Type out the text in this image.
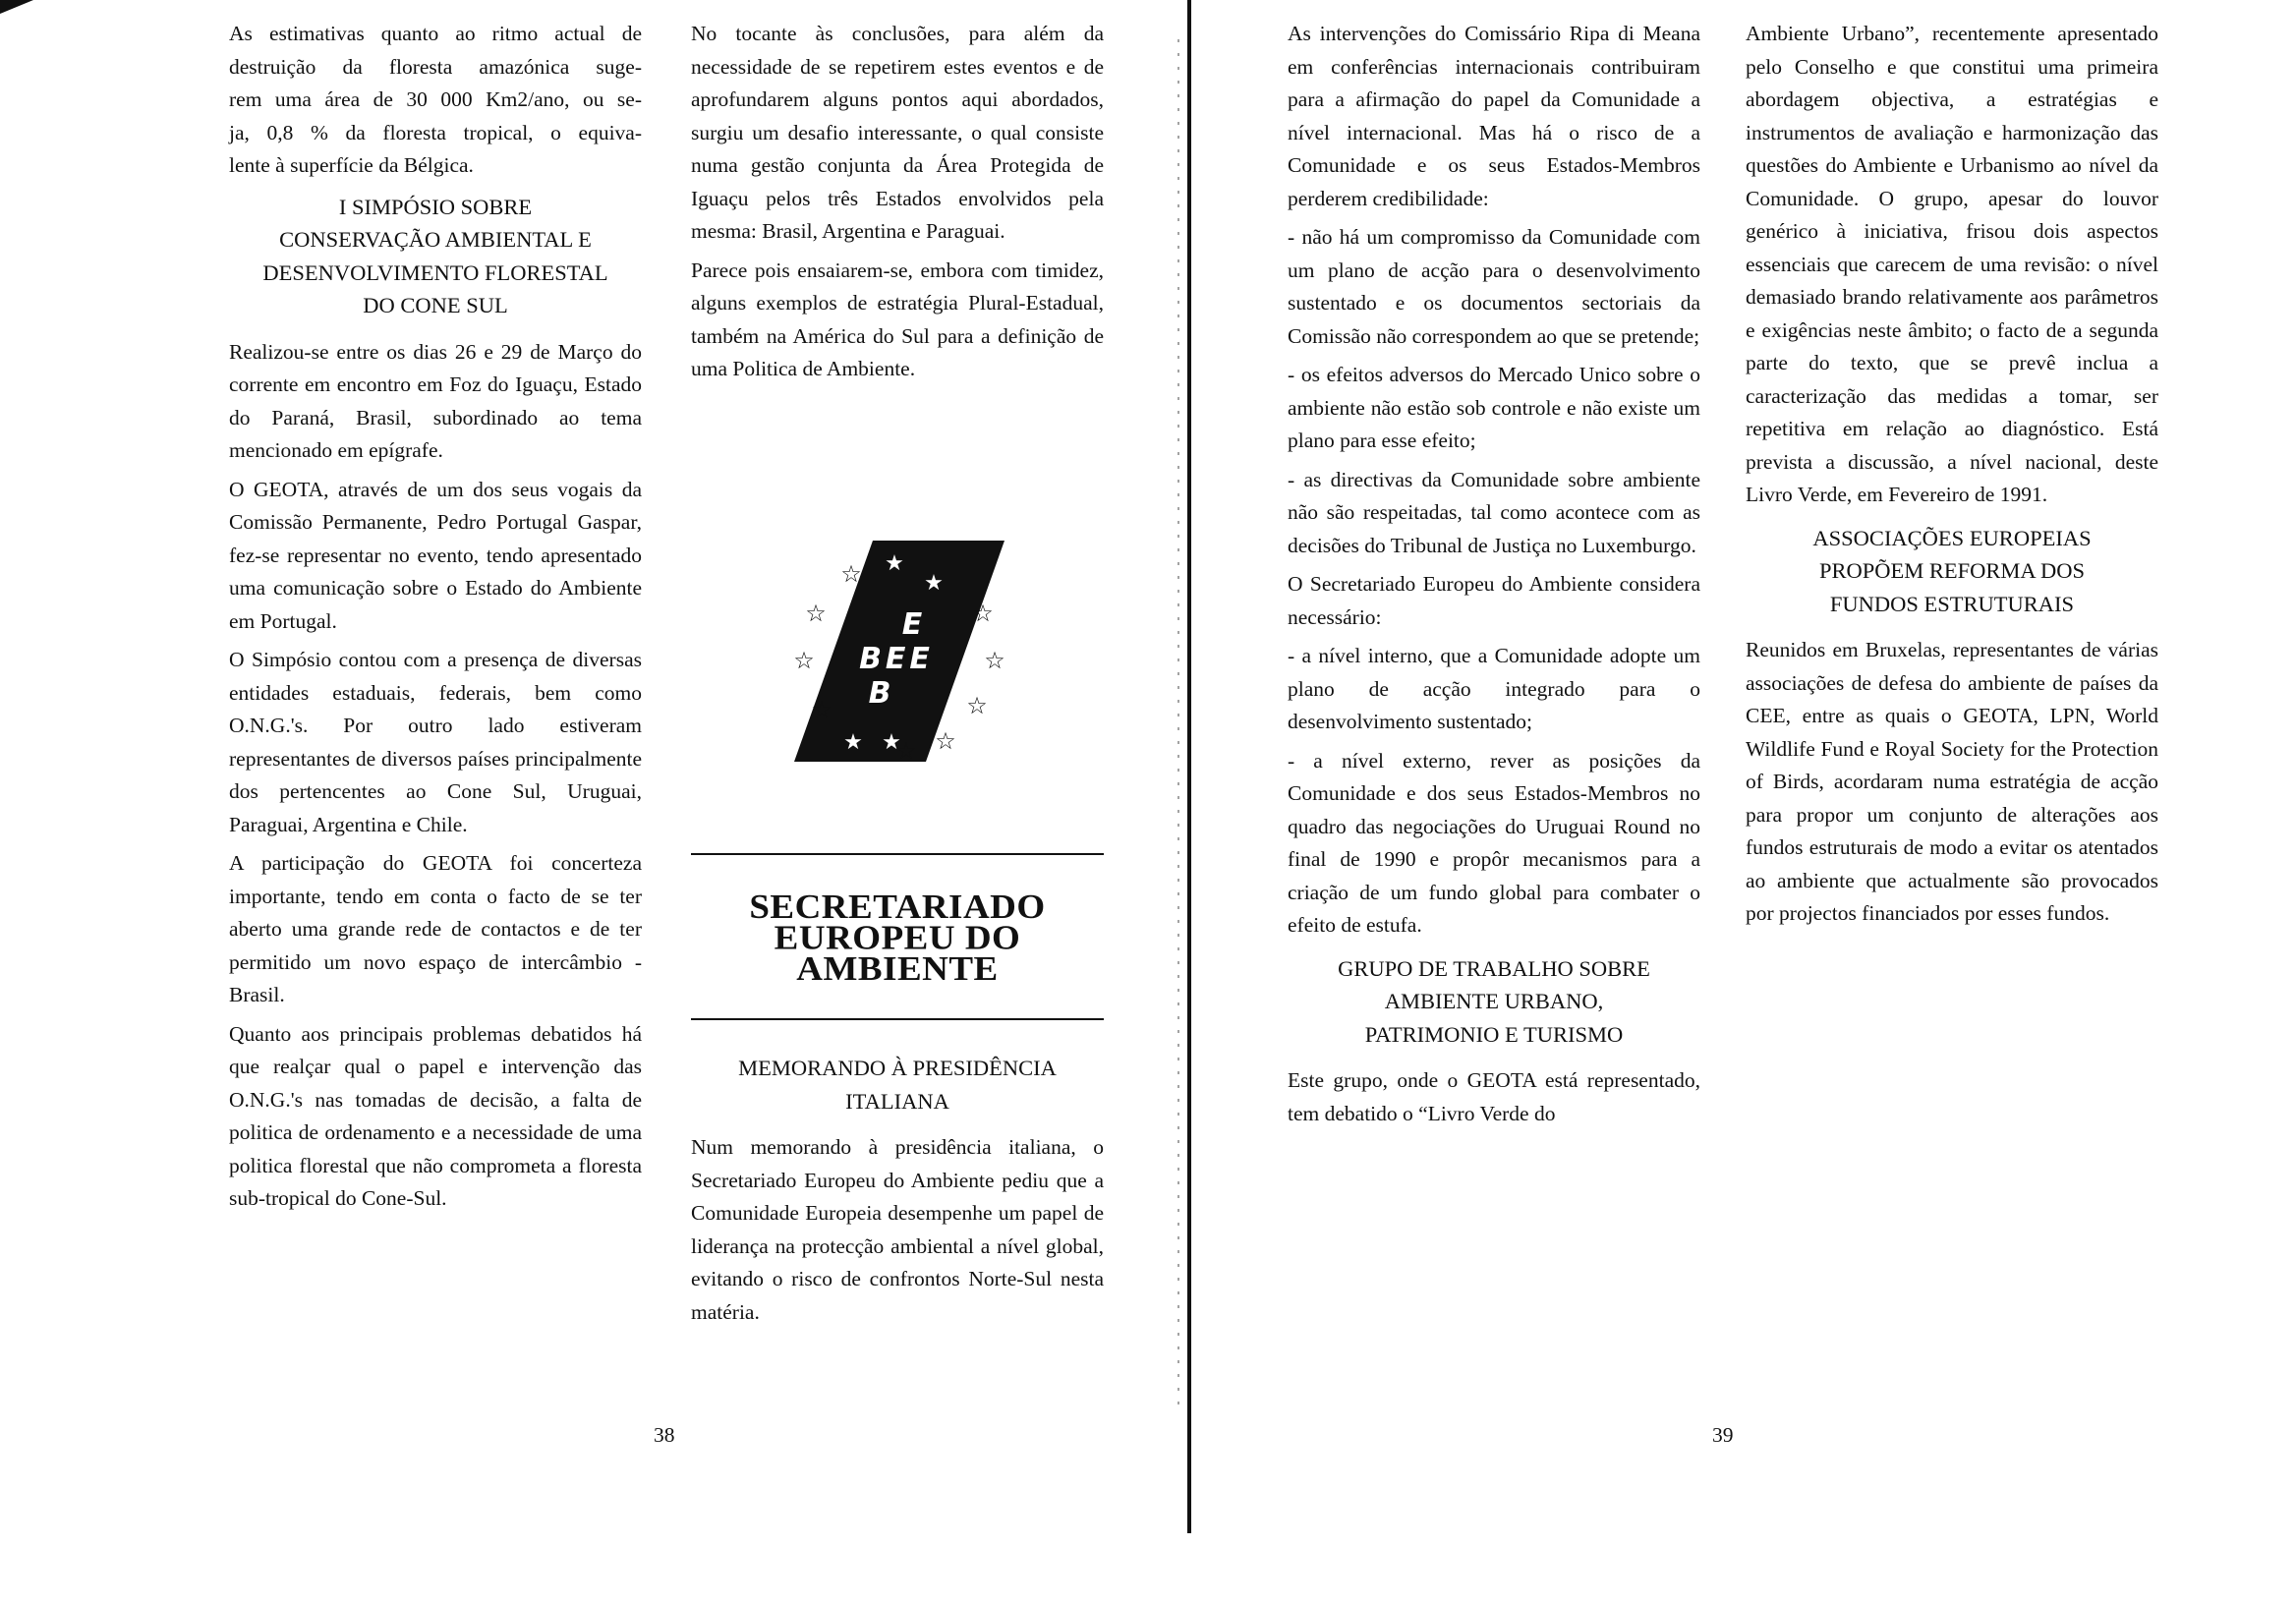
As estimativas quanto ao ritmo actual de
destruição da floresta amazónica suge-
rem uma área de 30 000 Km2/ano, ou se-
ja, 0,8 % da floresta tropical, o equiva-
lente à superfície da Bélgica.
I SIMPÓSIO SOBRE
CONSERVAÇÃO AMBIENTAL E
DESENVOLVIMENTO FLORESTAL
DO CONE SUL

Realizou-se entre os dias 26 e 29 de Março do corrente em encontro em Foz do Iguaçu, Estado do Paraná, Brasil, subordinado ao tema mencionado em epígrafe.

O GEOTA, através de um dos seus vogais da Comissão Permanente, Pedro Portugal Gaspar, fez-se representar no evento, tendo apresentado uma comunicação sobre o Estado do Ambiente em Portugal.

O Simpósio contou com a presença de diversas entidades estaduais, federais, bem como O.N.G.'s. Por outro lado estiveram representantes de diversos países principalmente dos pertencentes ao Cone Sul, Uruguai, Paraguai, Argentina e Chile.

A participação do GEOTA foi concerteza importante, tendo em conta o facto de se ter aberto uma grande rede de contactos e de ter permitido um novo espaço de intercâmbio - Brasil.

Quanto aos principais problemas debatidos há que realçar qual o papel e intervenção das O.N.G.'s nas tomadas de decisão, a falta de politica de ordenamento e a necessidade de uma politica florestal que não comprometa a floresta sub-tropical do Cone-Sul.

No tocante às conclusões, para além da necessidade de se repetirem estes eventos e de aprofundarem alguns pontos aqui abordados, surgiu um desafio interessante, o qual consiste numa gestão conjunta da Área Protegida de Iguaçu pelos três Estados envolvidos pela mesma: Brasil, Argentina e Paraguai.

Parece pois ensaiarem-se, embora com timidez, alguns exemplos de estratégia Plural-Estadual, também na América do Sul para a definição de uma Politica de Ambiente.

E
BEE
B
★
★
★ ★
☆
☆
☆
☆
☆
☆
☆
☆
☆
SECRETARIADO
EUROPEU DO
AMBIENTE
MEMORANDO À PRESIDÊNCIA
ITALIANA

Num memorando à presidência italiana, o Secretariado Europeu do Ambiente pediu que a Comunidade Europeia desempenhe um papel de liderança na protecção ambiental a nível global, evitando o risco de confrontos Norte-Sul nesta matéria.

38

As intervenções do Comissário Ripa di Meana em conferências internacionais contribuiram para a afirmação do papel da Comunidade a nível internacional. Mas há o risco de a Comunidade e os seus Estados-Membros perderem credibilidade:

- não há um compromisso da Comunidade com um plano de acção para o desenvolvimento sustentado e os documentos sectoriais da Comissão não correspondem ao que se pretende;

- os efeitos adversos do Mercado Unico sobre o ambiente não estão sob controle e não existe um plano para esse efeito;

- as directivas da Comunidade sobre ambiente não são respeitadas, tal como acontece com as decisões do Tribunal de Justiça no Luxemburgo.

O Secretariado Europeu do Ambiente considera necessário:

- a nível interno, que a Comunidade adopte um plano de acção integrado para o desenvolvimento sustentado;

- a nível externo, rever as posições da Comunidade e dos seus Estados-Membros no quadro das negociações do Uruguai Round no final de 1990 e propôr mecanismos para a criação de um fundo global para combater o efeito de estufa.

GRUPO DE TRABALHO SOBRE
AMBIENTE URBANO,
PATRIMONIO E TURISMO

Este grupo, onde o GEOTA está representado, tem debatido o “Livro Verde do

Ambiente Urbano”, recentemente apresentado pelo Conselho e que constitui uma primeira abordagem objectiva, a estratégias e instrumentos de avaliação e harmonização das questões do Ambiente e Urbanismo ao nível da Comunidade. O grupo, apesar do louvor genérico à iniciativa, frisou dois aspectos essenciais que carecem de uma revisão: o nível demasiado brando relativamente aos parâmetros e exigências neste âmbito; o facto de a segunda parte do texto, que se prevê inclua a caracterização das medidas a tomar, ser repetitiva em relação ao diagnóstico. Está prevista a discussão, a nível nacional, deste Livro Verde, em Fevereiro de 1991.

ASSOCIAÇÕES EUROPEIAS
PROPÕEM REFORMA DOS
FUNDOS ESTRUTURAIS

Reunidos em Bruxelas, representantes de várias associações de defesa do ambiente de países da CEE, entre as quais o GEOTA, LPN, World Wildlife Fund e Royal Society for the Protection of Birds, acordaram numa estratégia de acção para propor um conjunto de alterações aos fundos estruturais de modo a evitar os atentados ao ambiente que actualmente são provocados por projectos financiados por esses fundos.

39
